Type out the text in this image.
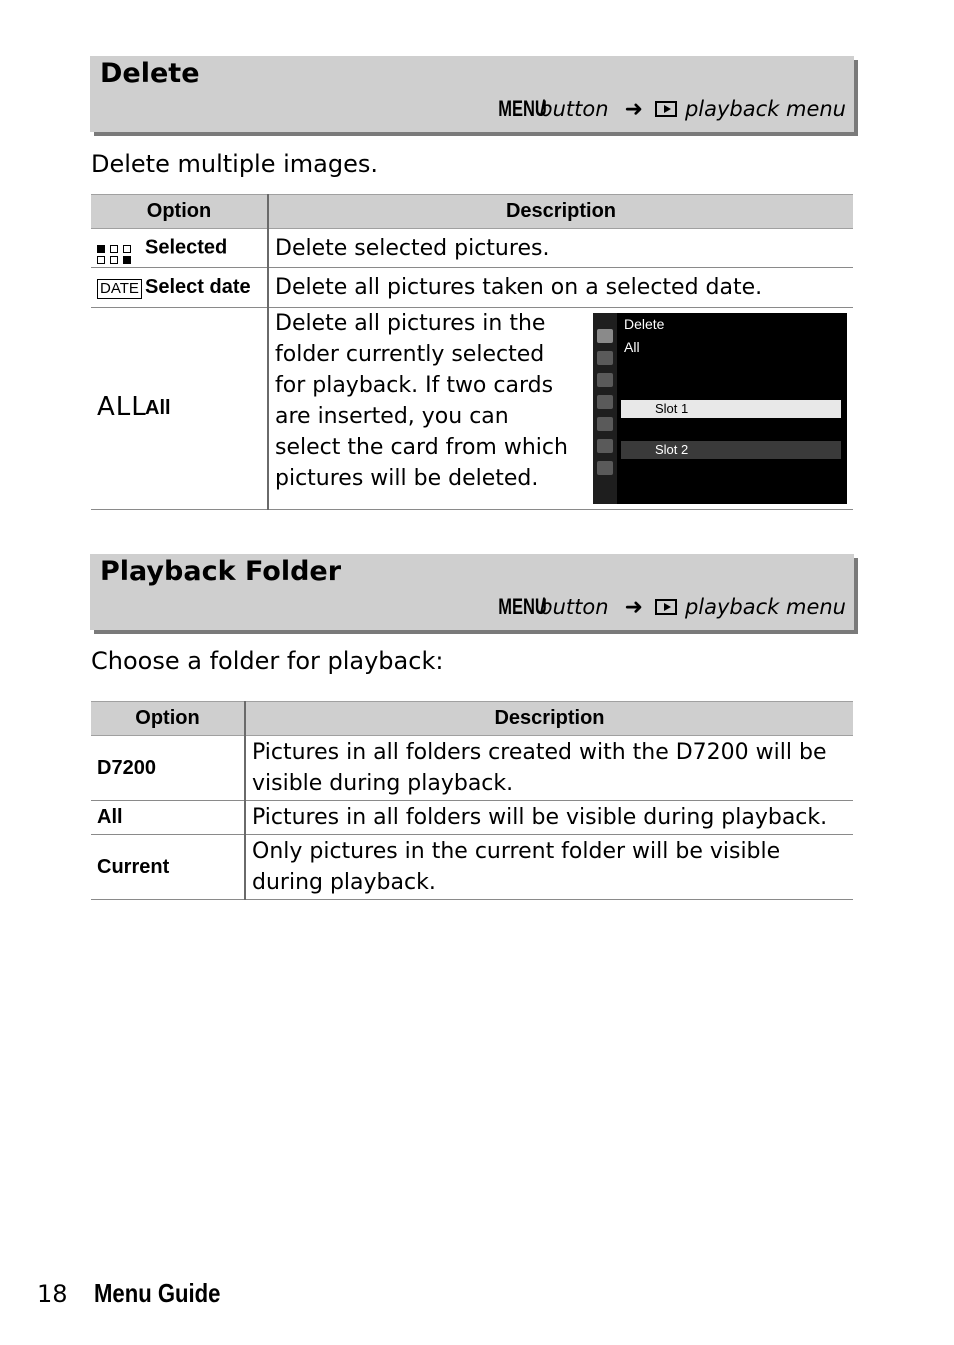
Delete
MENU
button ➜ playback menu
Delete multiple images.
Option	Description

Selected	Delete selected pictures.
DATE Select date	Delete all pictures taken on a selected date.
ALLAll	Delete all pictures in the folder currently selected for playback. If two cards are inserted, you can select the card from which pictures will be deleted.
Delete
All
Slot 1
Slot 2
Playback Folder
MENU
button ➜ playback menu
Choose a folder for playback:
Option	Description
D7200	Pictures in all folders created with the D7200 will be visible during playback.
All	Pictures in all folders will be visible during playback.
Current	Only pictures in the current folder will be visible during playback.
18 Menu Guide
